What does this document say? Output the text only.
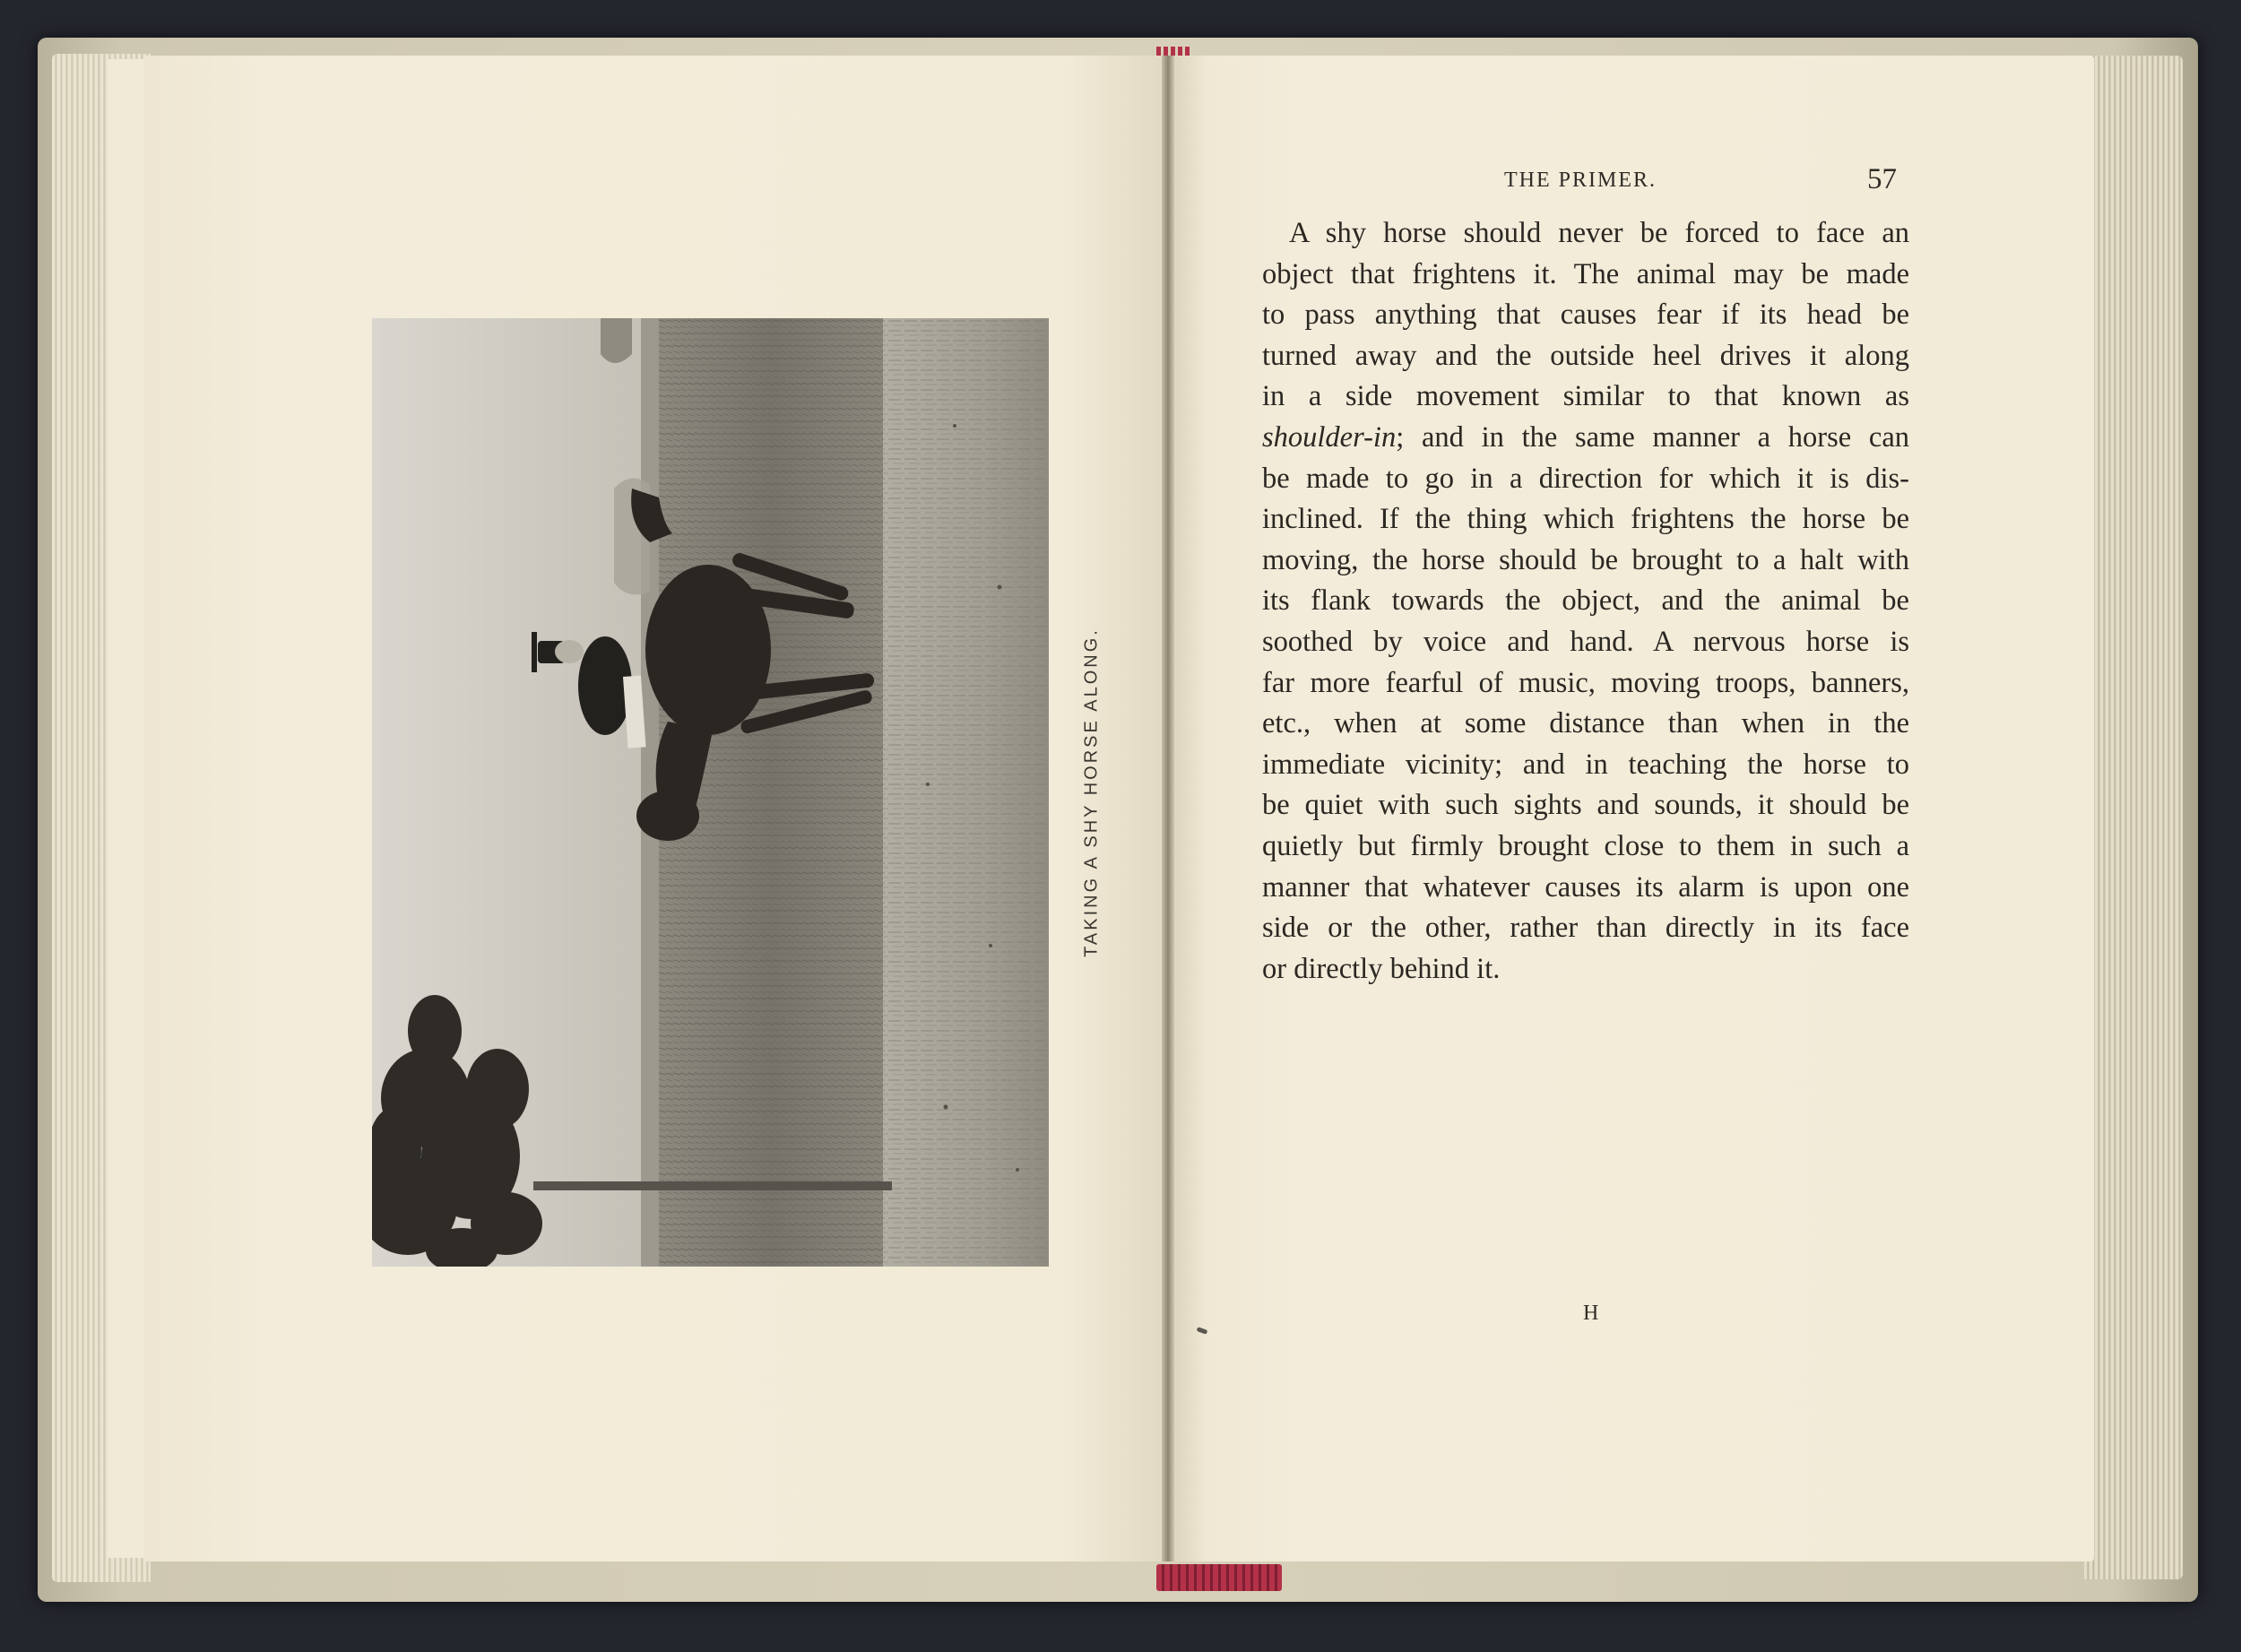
TAKING A SHY HORSE ALONG.
THE PRIMER.	57
A shy horse should never be forced to face an
object that frightens it. The animal may be made
to pass anything that causes fear if its head be
turned away and the outside heel drives it along
in a side movement similar to that known as
shoulder-in; and in the same manner a horse can
be made to go in a direction for which it is dis-
inclined. If the thing which frightens the horse be
moving, the horse should be brought to a halt with
its flank towards the object, and the animal be
soothed by voice and hand. A nervous horse is
far more fearful of music, moving troops, banners,
etc., when at some distance than when in the
immediate vicinity; and in teaching the horse to
be quiet with such sights and sounds, it should be
quietly but firmly brought close to them in such a
manner that whatever causes its alarm is upon one
side or the other, rather than directly in its face
or directly behind it.
H
